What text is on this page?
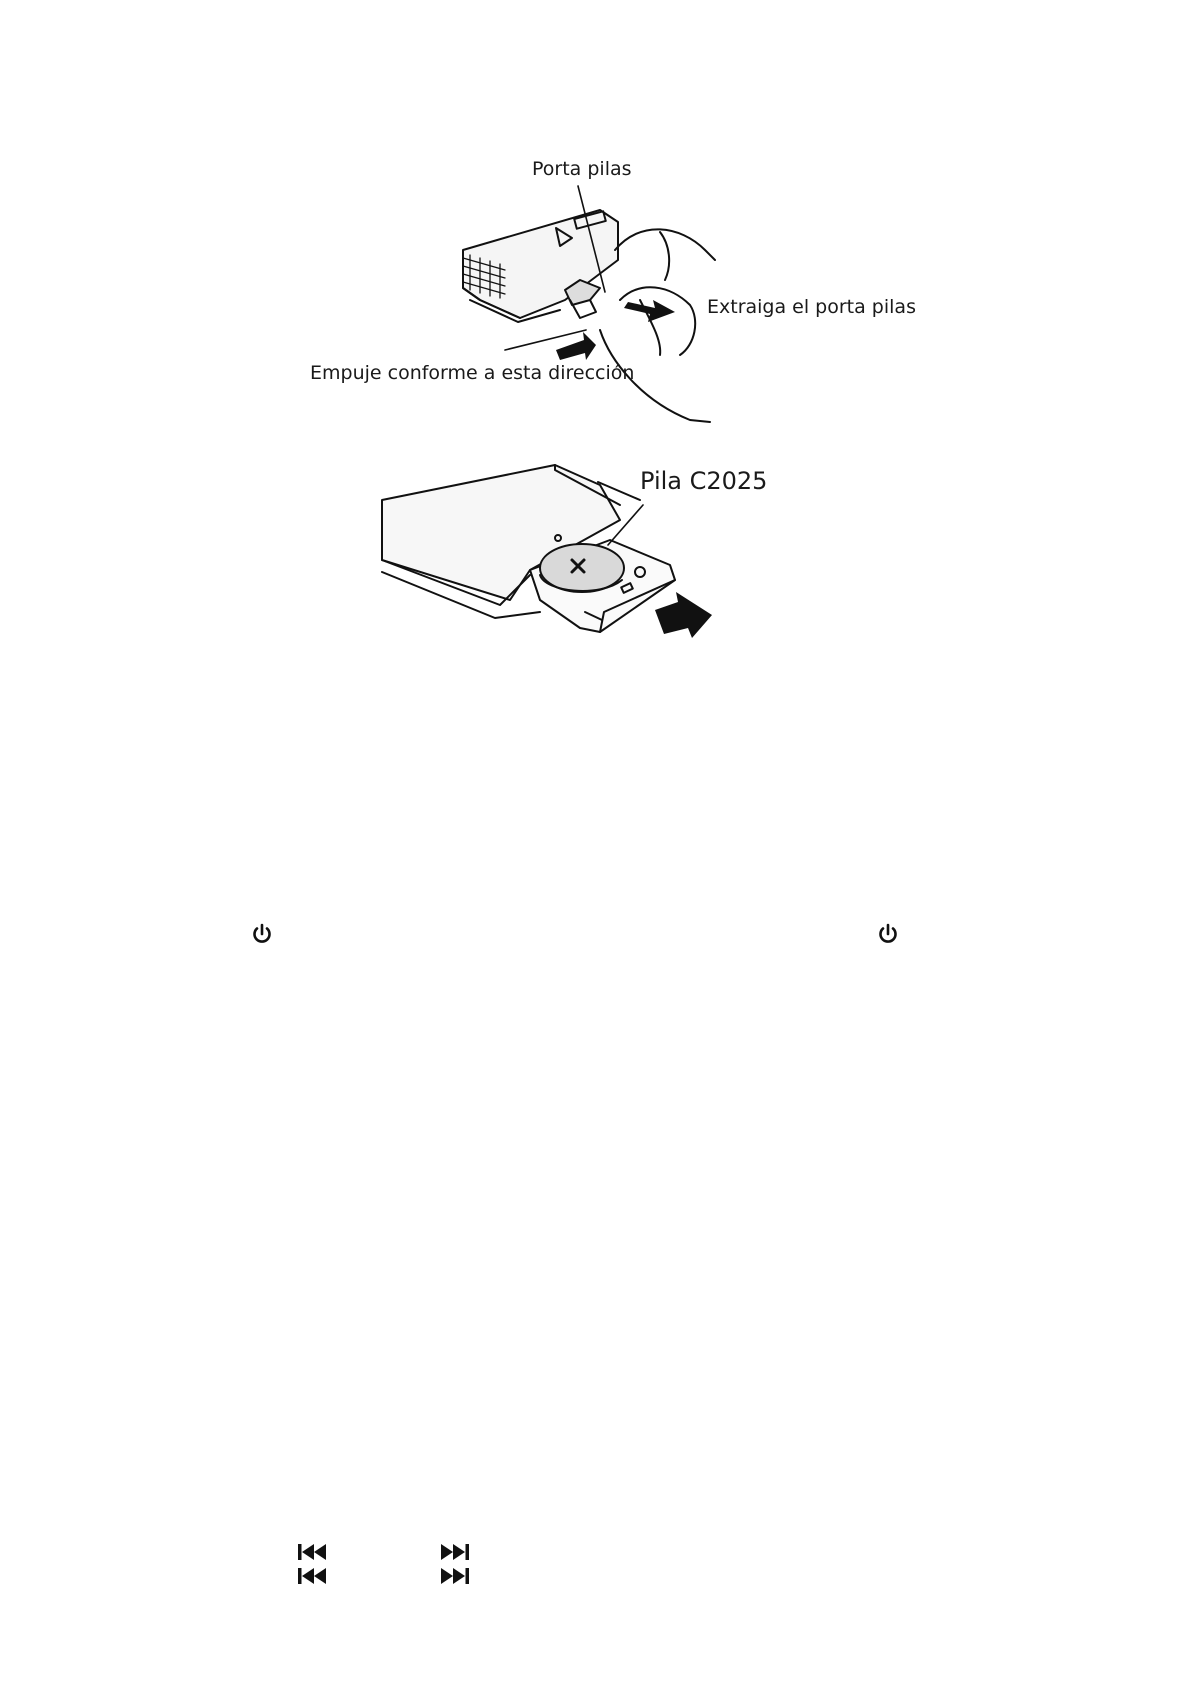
Porta pilas
Extraiga el porta pilas
Empuje conforme a esta dirección
Pila C2025
